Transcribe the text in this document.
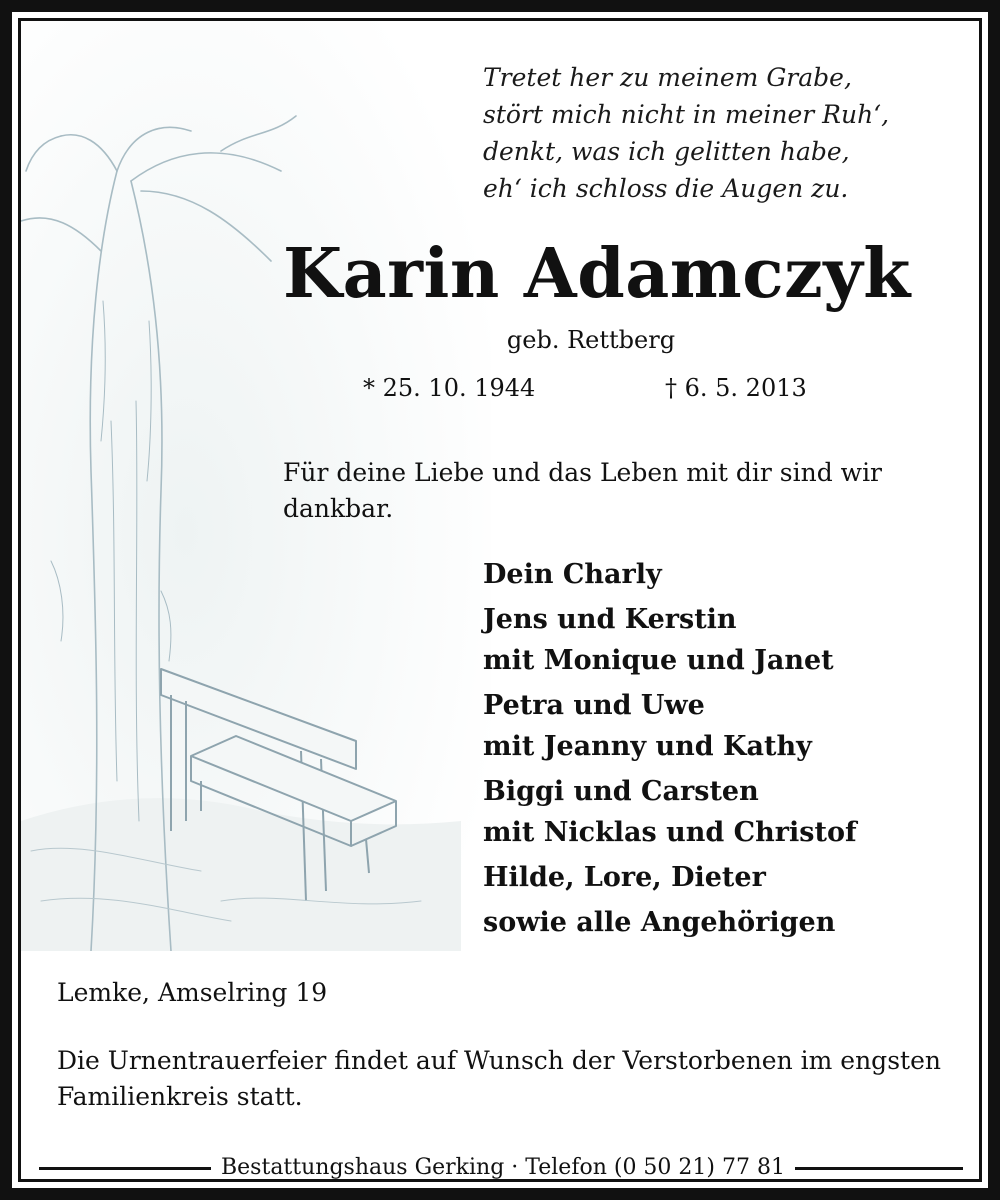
Tretet her zu meinem Grabe,
stört mich nicht in meiner Ruh‘,
denkt, was ich gelitten habe,
eh‘ ich schloss die Augen zu.
Karin Adamczyk
geb. Rettberg
* 25. 10. 1944	† 6. 5. 2013
Für deine Liebe und das Leben mit dir sind wir dankbar.
Dein Charly
Jens und Kerstin
mit Monique und Janet
Petra und Uwe
mit Jeanny und Kathy
Biggi und Carsten
mit Nicklas und Christof
Hilde, Lore, Dieter
sowie alle Angehörigen
Lemke, Amselring 19
Die Urnentrauerfeier findet auf Wunsch der Verstorbenen im engsten Familienkreis statt.
Bestattungshaus Gerking · Telefon (0 50 21) 77 81
